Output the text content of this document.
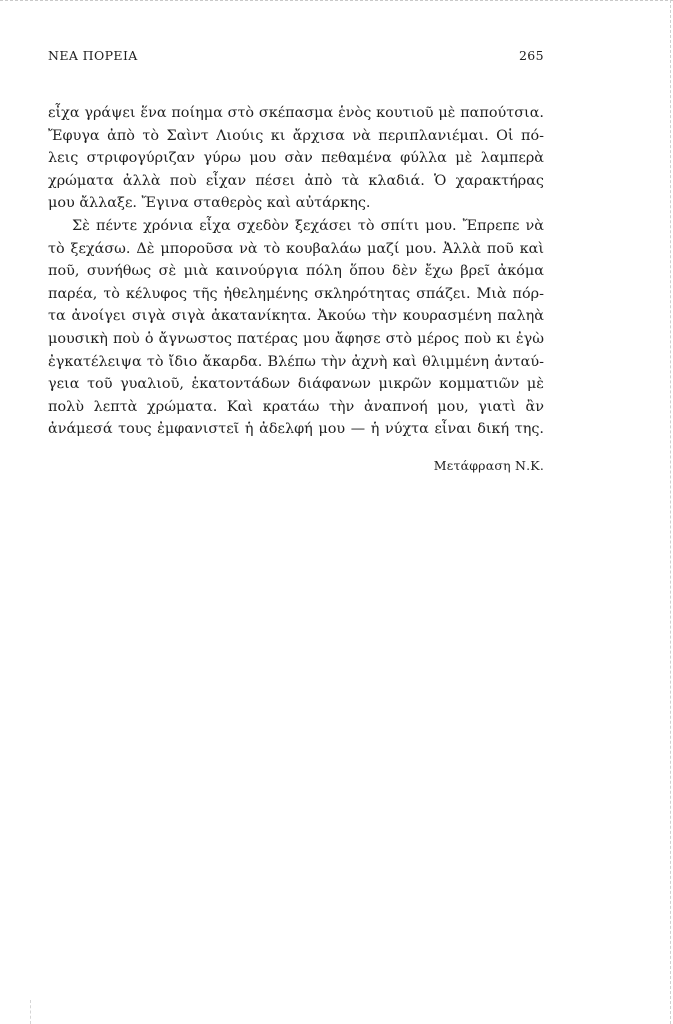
ΝΕΑ ΠΟΡΕΙΑ	265
εἶχα γράψει ἕνα ποίημα στὸ σκέπασμα ἑνὸς κουτιοῦ μὲ παπούτσια.
Ἔφυγα ἀπὸ τὸ Σαὶντ Λιούις κι ἄρχισα νὰ περιπλανιέμαι. Οἱ πό-
λεις στριφογύριζαν γύρω μου σὰν πεθαμένα φύλλα μὲ λαμπερὰ
χρώματα ἀλλὰ ποὺ εἶχαν πέσει ἀπὸ τὰ κλαδιά. Ὁ χαρακτήρας
μου ἄλλαξε. Ἔγινα σταθερὸς καὶ αὐτάρκης.
Σὲ πέντε χρόνια εἶχα σχεδὸν ξεχάσει τὸ σπίτι μου. Ἔπρεπε νὰ
τὸ ξεχάσω. Δὲ μποροῦσα νὰ τὸ κουβαλάω μαζί μου. Ἀλλὰ ποῦ καὶ
ποῦ, συνήθως σὲ μιὰ καινούργια πόλη ὅπου δὲν ἔχω βρεῖ ἀκόμα
παρέα, τὸ κέλυφος τῆς ἠθελημένης σκληρότητας σπάζει. Μιὰ πόρ-
τα ἀνοίγει σιγὰ σιγὰ ἀκατανίκητα. Ἀκούω τὴν κουρασμένη παληὰ
μουσικὴ ποὺ ὁ ἄγνωστος πατέρας μου ἄφησε στὸ μέρος ποὺ κι ἐγὼ
ἐγκατέλειψα τὸ ἴδιο ἄκαρδα. Βλέπω τὴν ἀχνὴ καὶ θλιμμένη ἀνταύ-
γεια τοῦ γυαλιοῦ, ἑκατοντάδων διάφανων μικρῶν κομματιῶν μὲ
πολὺ λεπτὰ χρώματα. Καὶ κρατάω τὴν ἀναπνοή μου, γιατὶ ἂν
ἀνάμεσά τους ἐμφανιστεῖ ἡ ἀδελφή μου — ἡ νύχτα εἶναι δική της.
Μετάφραση Ν.Κ.
